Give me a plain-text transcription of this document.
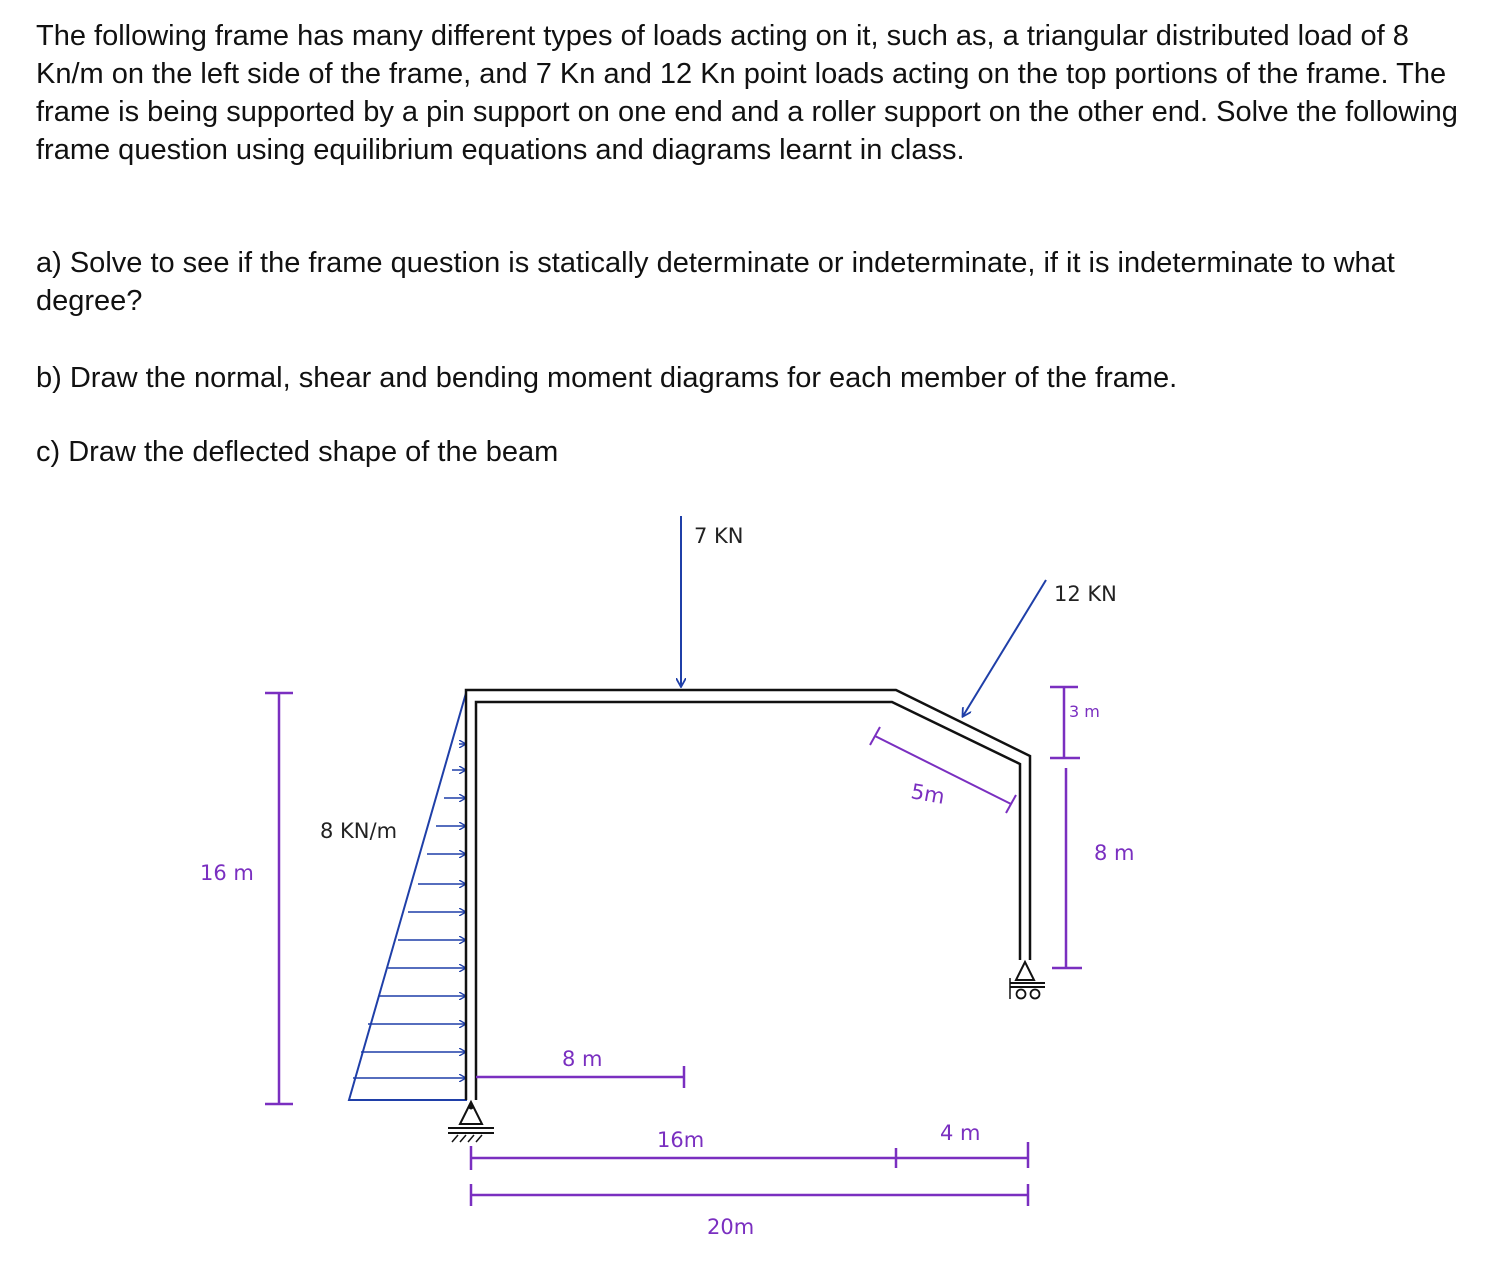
The following frame has many different types of loads acting on it, such as, a triangular distributed load of 8 Kn/m on the left side of the frame, and 7 Kn and 12 Kn point loads acting on the top portions of the frame. The frame is being supported by a pin support on one end and a roller support on the other end. Solve the following frame question using equilibrium equations and diagrams learnt in class.
a) Solve to see if the frame question is statically determinate or indeterminate, if it is indeterminate to what degree?
b) Draw the normal, shear and bending moment diagrams for each member of the frame.
c) Draw the deflected shape of the beam
8 KN/m
7 KN
12 KN
16 m
8 m
16m	4 m
20m
5m
3 m
8 m
